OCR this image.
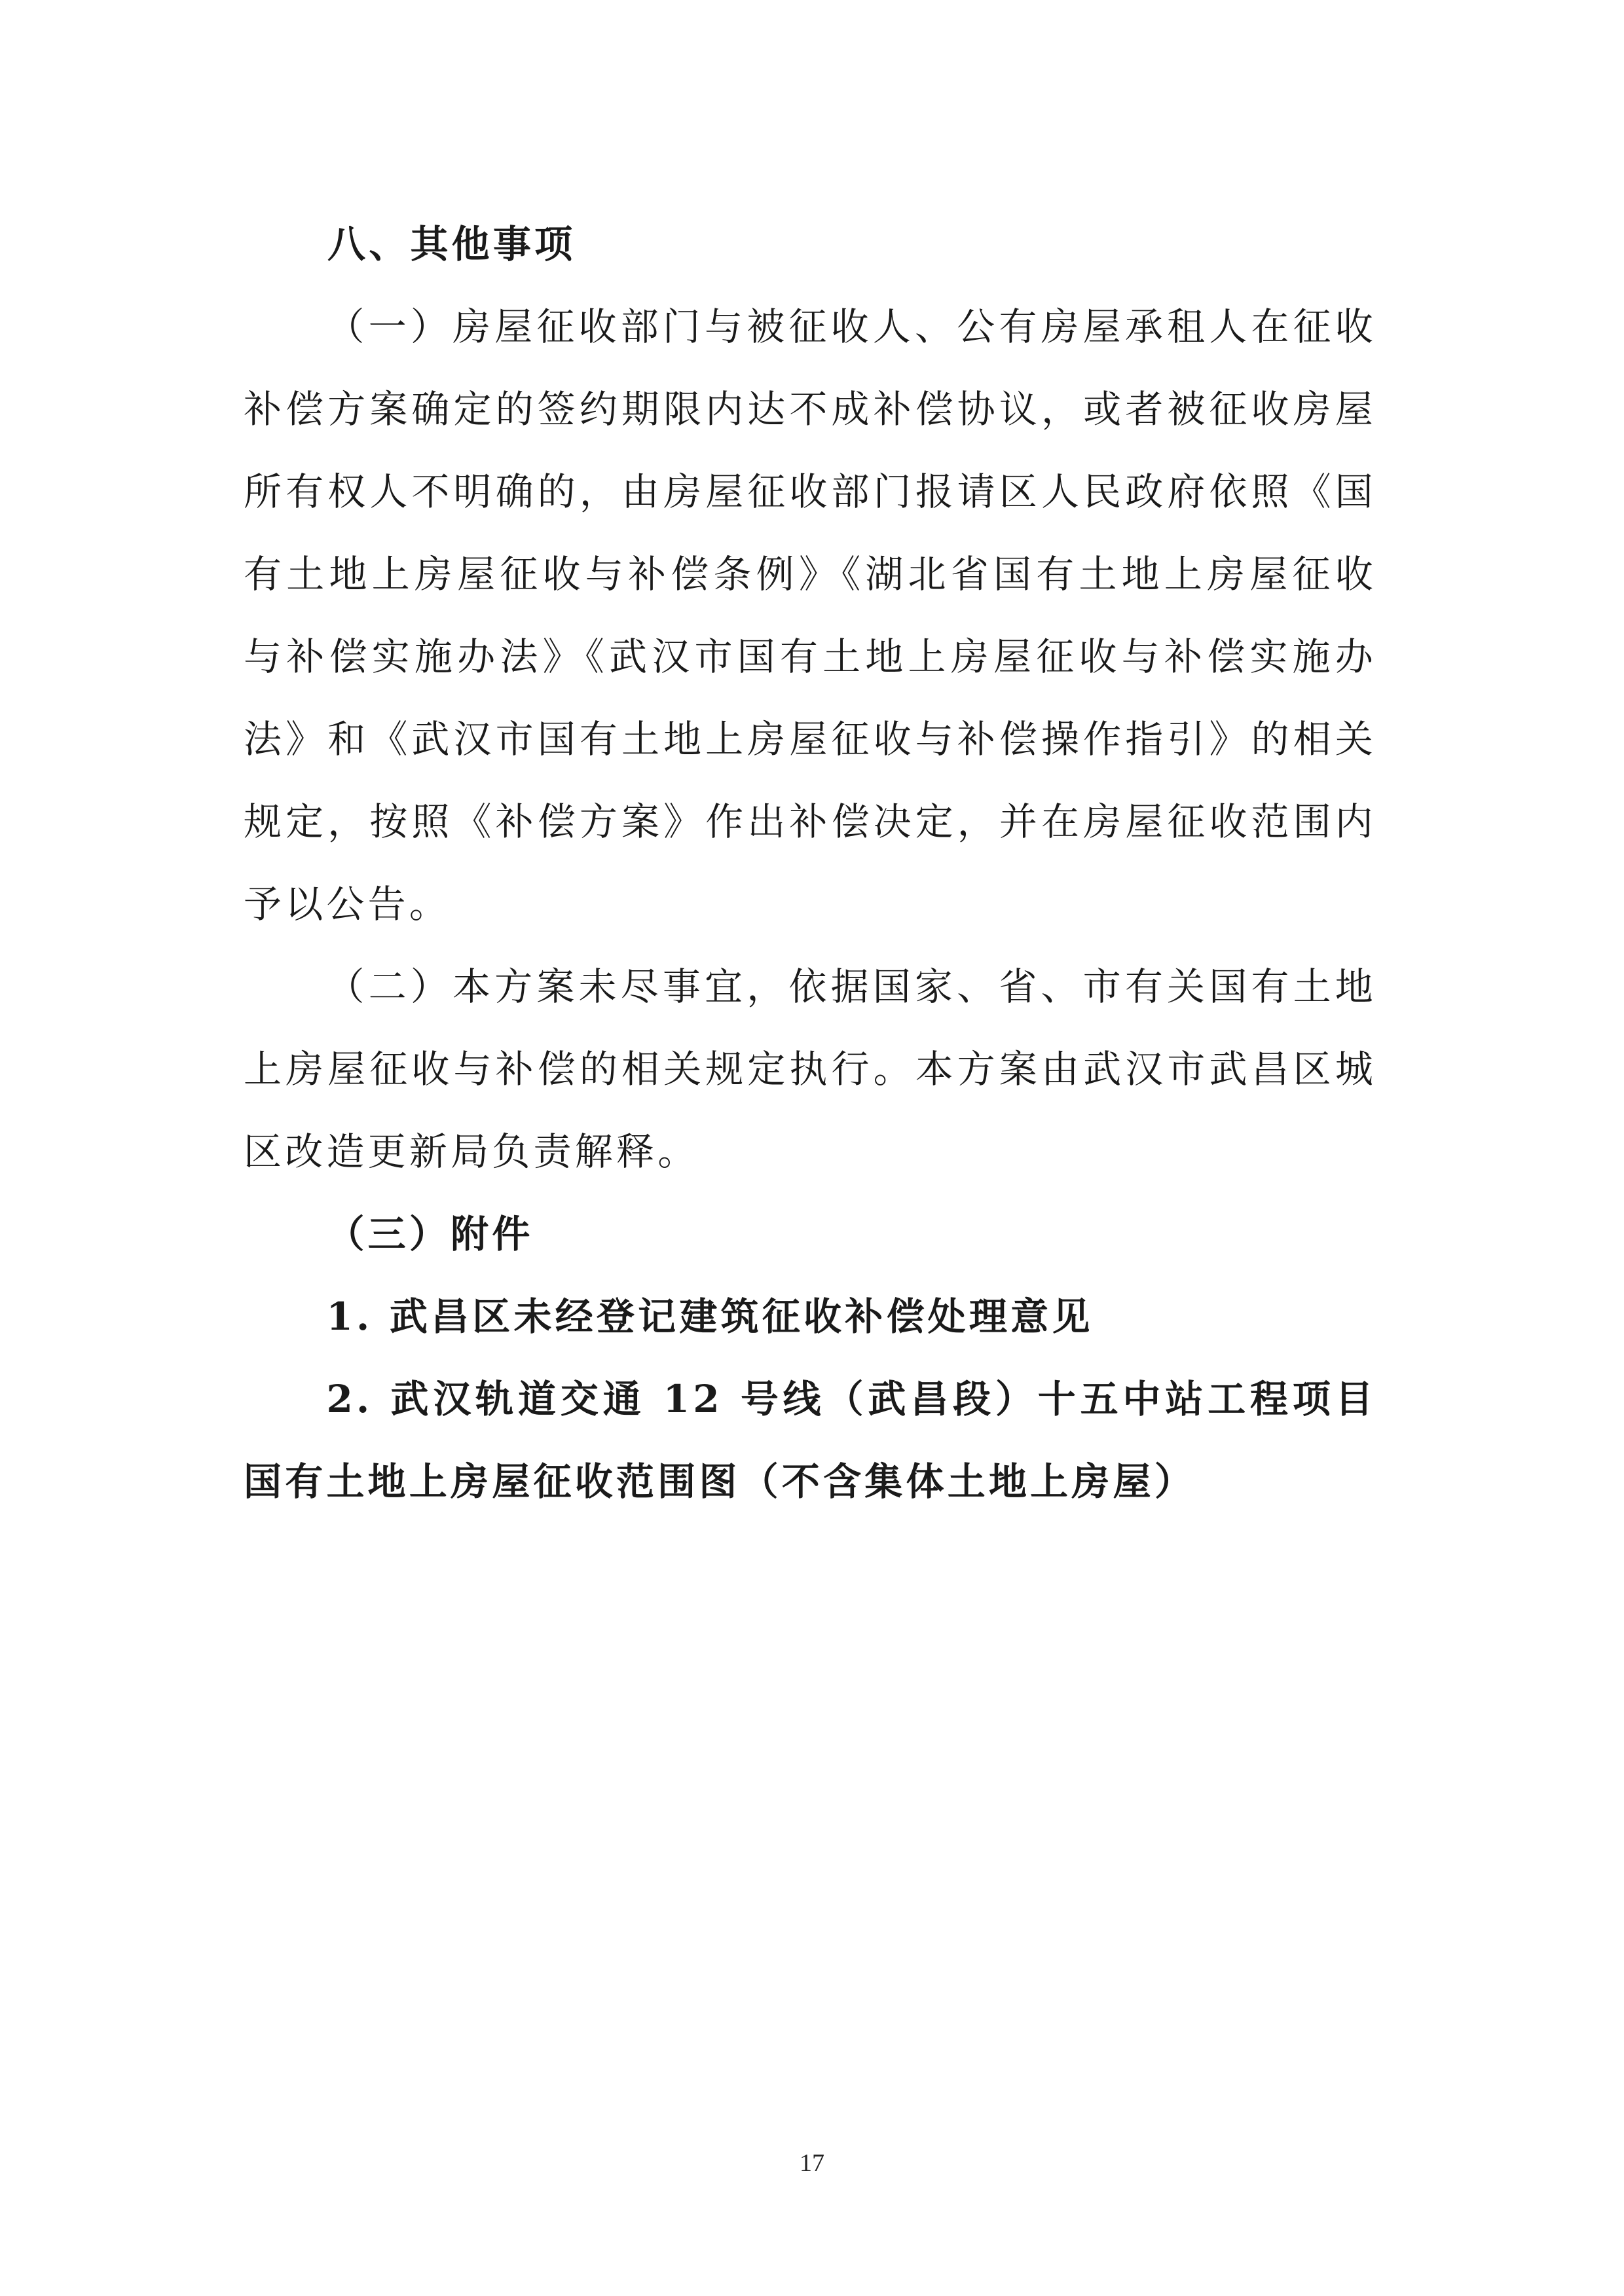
八、其他事项

（一）房屋征收部门与被征收人、公有房屋承租人在征收补偿方案确定的签约期限内达不成补偿协议，或者被征收房屋所有权人不明确的，由房屋征收部门报请区人民政府依照《国有土地上房屋征收与补偿条例》《湖北省国有土地上房屋征收与补偿实施办法》《武汉市国有土地上房屋征收与补偿实施办法》和《武汉市国有土地上房屋征收与补偿操作指引》的相关规定，按照《补偿方案》作出补偿决定，并在房屋征收范围内予以公告。

（二）本方案未尽事宜，依据国家、省、市有关国有土地上房屋征收与补偿的相关规定执行。本方案由武汉市武昌区城区改造更新局负责解释。

（三）附件

1. 武昌区未经登记建筑征收补偿处理意见

2. 武汉轨道交通 12 号线（武昌段）十五中站工程项目国有土地上房屋征收范围图（不含集体土地上房屋）

17
